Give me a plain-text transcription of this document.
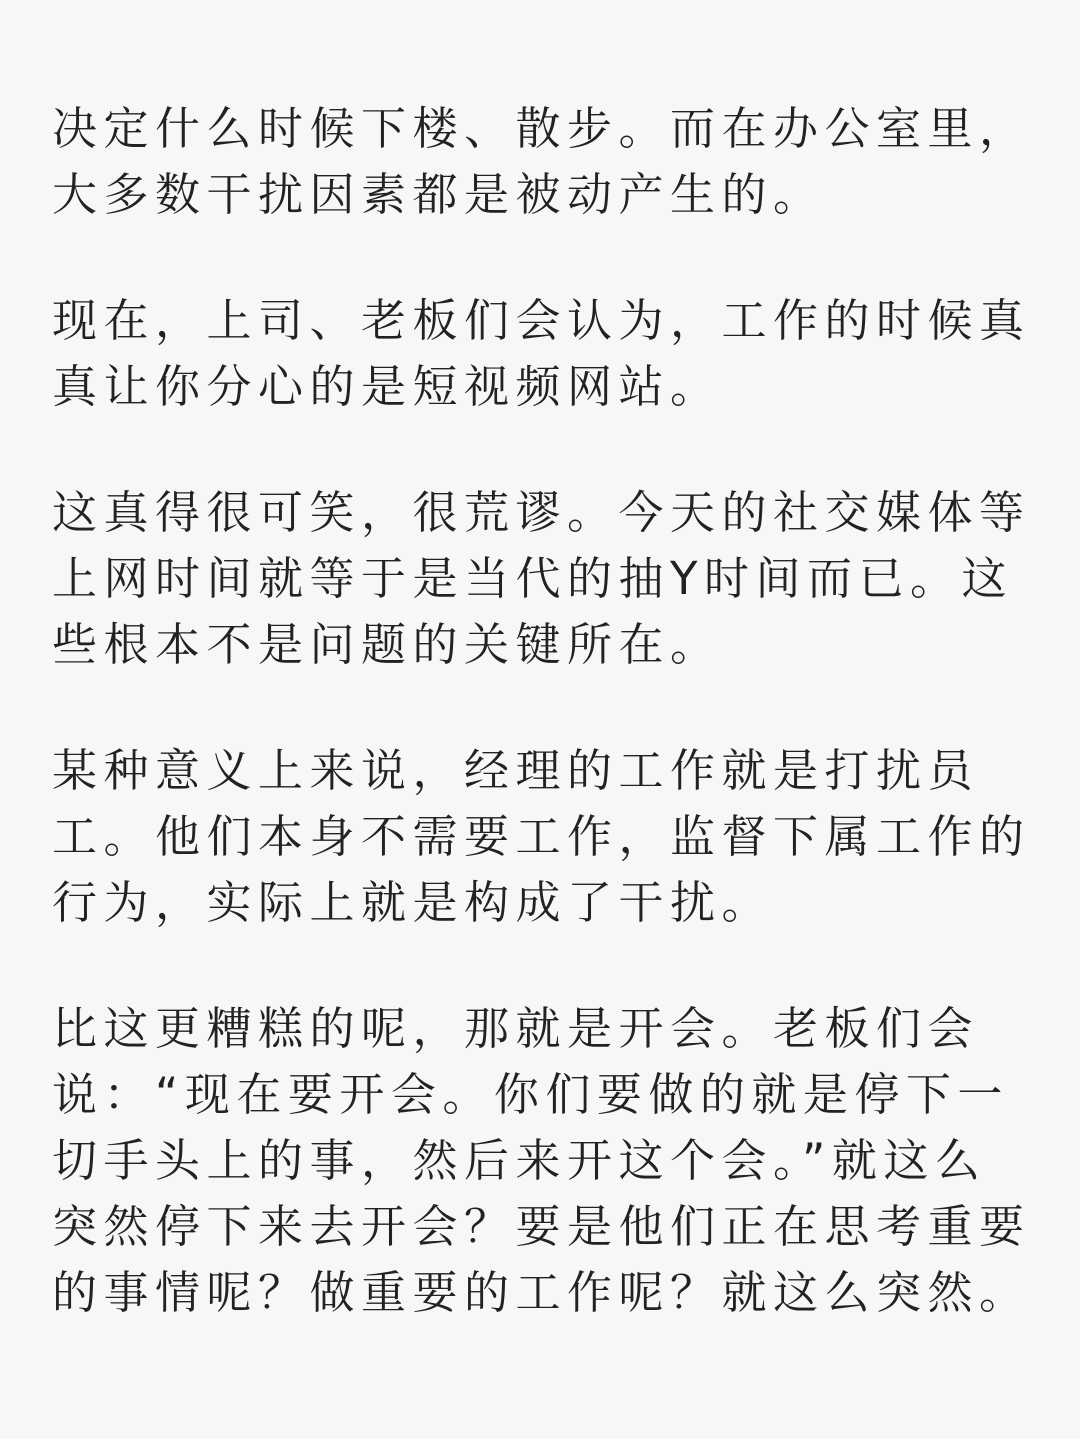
决定什么时候下楼、散步。而在办公室里，
大多数干扰因素都是被动产生的。
现在，上司、老板们会认为，工作的时候真
真让你分心的是短视频网站。
这真得很可笑，很荒谬。今天的社交媒体等
上网时间就等于是当代的抽Y时间而已。这
些根本不是问题的关键所在。
某种意义上来说，经理的工作就是打扰员
工。他们本身不需要工作，监督下属工作的
行为，实际上就是构成了干扰。
比这更糟糕的呢，那就是开会。老板们会
说：“现在要开会。你们要做的就是停下一
切手头上的事，然后来开这个会。”就这么
突然停下来去开会？要是他们正在思考重要
的事情呢？做重要的工作呢？就这么突然。
